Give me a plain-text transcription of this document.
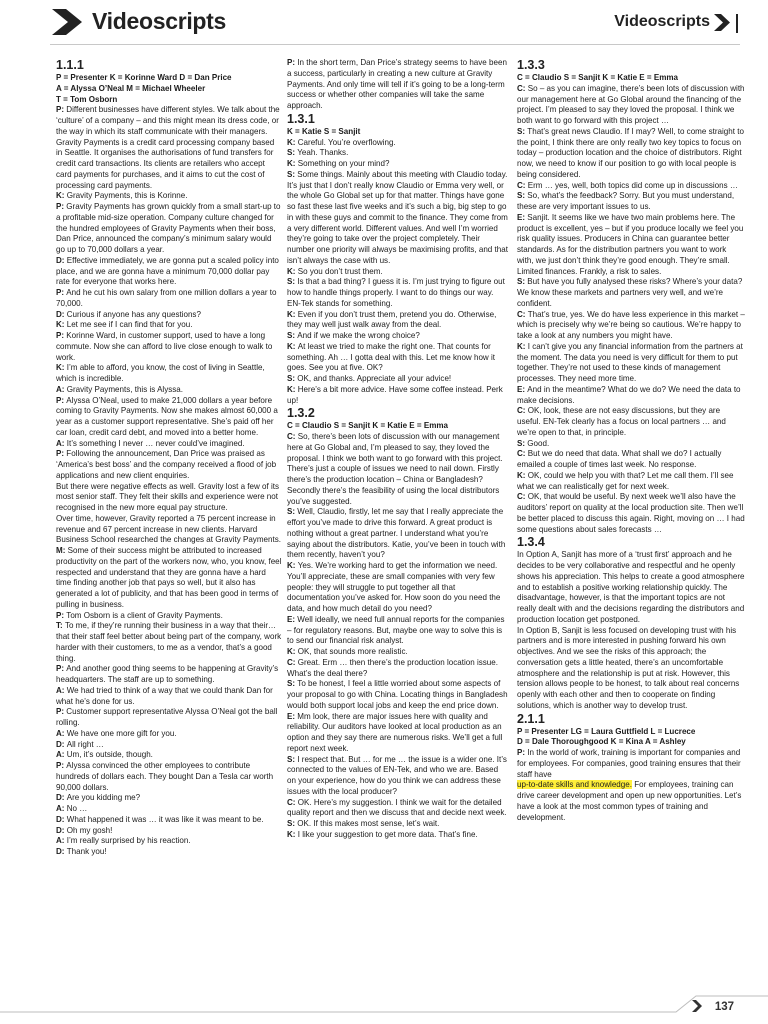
Videoscripts	Videoscripts
1.1.1

P = Presenter K = Korinne Ward D = Dan Price

A = Alyssa O’Neal M = Michael Wheeler

T = Tom Osborn

P: Different businesses have different styles. We talk about the ‘culture’ of a company – and this might mean its dress code, or the way in which its staff communicate with their managers.

Gravity Payments is a credit card processing company based in Seattle. It organises the authorisations of fund transfers for credit card transactions. Its clients are retailers who accept card payments for purchases, and it aims to cut the cost of processing card payments.

K: Gravity Payments, this is Korinne.

P: Gravity Payments has grown quickly from a small start-up to a profitable mid-size operation. Company culture changed for the hundred employees of Gravity Payments when their boss, Dan Price, announced the company’s minimum salary would go up to 70,000 dollars a year.

D: Effective immediately, we are gonna put a scaled policy into place, and we are gonna have a minimum 70,000 dollar pay rate for everyone that works here.

P: And he cut his own salary from one million dollars a year to 70,000.

D: Curious if anyone has any questions?

K: Let me see if I can find that for you.

P: Korinne Ward, in customer support, used to have a long commute. Now she can afford to live close enough to walk to work.

K: I’m able to afford, you know, the cost of living in Seattle, which is incredible.

A: Gravity Payments, this is Alyssa.

P: Alyssa O’Neal, used to make 21,000 dollars a year before coming to Gravity Payments. Now she makes almost 60,000 a year as a customer support representative. She’s paid off her car loan, credit card debt, and moved into a better home.

A: It’s something I never … never could’ve imagined.

P: Following the announcement, Dan Price was praised as ‘America’s best boss’ and the company received a flood of job applications and new client enquiries.

But there were negative effects as well. Gravity lost a few of its most senior staff. They felt their skills and experience were not recognised in the new more equal pay structure.

Over time, however, Gravity reported a 75 percent increase in revenue and 67 percent increase in new clients. Harvard Business School researched the changes at Gravity Payments.

M: Some of their success might be attributed to increased productivity on the part of the workers now, who, you know, feel respected and understand that they are gonna have a hard time finding another job that pays so well, but it also has generated a lot of publicity, and that has been good in terms of pulling in business.

P: Tom Osborn is a client of Gravity Payments.

T: To me, if they’re running their business in a way that their…that their staff feel better about being part of the company, work harder with their customers, to me as a vendor, that’s a good thing.

P: And another good thing seems to be happening at Gravity’s headquarters. The staff are up to something.

A: We had tried to think of a way that we could thank Dan for what he’s done for us.

P: Customer support representative Alyssa O’Neal got the ball rolling.

A: We have one more gift for you.

D: All right …

A: Um, it’s outside, though.

P: Alyssa convinced the other employees to contribute hundreds of dollars each. They bought Dan a Tesla car worth 90,000 dollars.

D: Are you kidding me?

A: No …

D: What happened it was … it was like it was meant to be.

D: Oh my gosh!

A: I’m really surprised by his reaction.

D: Thank you!

P: In the short term, Dan Price’s strategy seems to have been a success, particularly in creating a new culture at Gravity Payments. And only time will tell if it’s going to be a long-term success or whether other companies will take the same approach.

1.3.1

K = Katie S = Sanjit

K: Careful. You’re overflowing.

S: Yeah. Thanks.

K: Something on your mind?

S: Some things. Mainly about this meeting with Claudio today. It’s just that I don’t really know Claudio or Emma very well, or the whole Go Global set up for that matter. Things have gone so fast these last five weeks and it’s such a big, big step to go in with these guys and commit to the finance. They come from a very different world. Different values. And well I’m worried they’re going to take over the project completely. Their number one priority will always be maximising profits, and that isn’t always the case with us.

K: So you don’t trust them.

S: Is that a bad thing? I guess it is. I’m just trying to figure out how to handle things properly. I want to do things our way. EN-Tek stands for something.

K: Even if you don’t trust them, pretend you do. Otherwise, they may well just walk away from the deal.

S: And if we make the wrong choice?

K: At least we tried to make the right one. That counts for something. Ah … I gotta deal with this. Let me know how it goes. See you at five. OK?

S: OK, and thanks. Appreciate all your advice!

K: Here’s a bit more advice. Have some coffee instead. Perk up!

1.3.2

C = Claudio S = Sanjit K = Katie E = Emma

C: So, there’s been lots of discussion with our management here at Go Global and, I’m pleased to say, they loved the proposal. I think we both want to go forward with this project. There’s just a couple of issues we need to nail down. Firstly there’s the production location – China or Bangladesh? Secondly there’s the feasibility of using the local distributors you’ve suggested.

S: Well, Claudio, firstly, let me say that I really appreciate the effort you’ve made to drive this forward. A great product is nothing without a great partner. I understand what you’re saying about the distributors. Katie, you’ve been in touch with them recently, haven’t you?

K: Yes. We’re working hard to get the information we need. You’ll appreciate, these are small companies with very few people: they will struggle to put together all that documentation you’ve asked for. How soon do you need the data, and how much detail do you need?

E: Well ideally, we need full annual reports for the companies – for regulatory reasons. But, maybe one way to solve this is to send our financial risk analyst.

K: OK, that sounds more realistic.

C: Great. Erm … then there’s the production location issue. What’s the deal there?

S: To be honest, I feel a little worried about some aspects of your proposal to go with China. Locating things in Bangladesh would both support local jobs and keep the end price down.

E: Mm look, there are major issues here with quality and reliability. Our auditors have looked at local production as an option and they say there are numerous risks. We’ll get a full report next week.

S: I respect that. But … for me … the issue is a wider one. It’s connected to the values of EN-Tek, and who we are. Based on your experience, how do you think we can address these issues with the local producer?

C: OK. Here’s my suggestion. I think we wait for the detailed quality report and then we discuss that and decide next week.

S: OK. If this makes most sense, let’s wait.

K: I like your suggestion to get more data. That’s fine.

1.3.3

C = Claudio S = Sanjit K = Katie E = Emma

C: So – as you can imagine, there’s been lots of discussion with our management here at Go Global around the financing of the project. I’m pleased to say they loved the proposal. I think we both want to go forward with this project …

S: That’s great news Claudio. If I may? Well, to come straight to the point, I think there are only really two key topics to focus on today – production location and the choice of distributors. Right now, we need to know if our position to go with local people is being considered.

C: Erm … yes, well, both topics did come up in discussions …

S: So, what’s the feedback? Sorry. But you must understand, these are very important issues to us.

E: Sanjit. It seems like we have two main problems here. The product is excellent, yes – but if you produce locally we feel you risk quality issues. Producers in China can guarantee better standards. As for the distribution partners you want to work with, we just don’t think they’re good enough. They’re small. Limited finances. Frankly, a risk to sales.

S: But have you fully analysed these risks? Where’s your data? We know these markets and partners very well, and we’re confident.

C: That’s true, yes. We do have less experience in this market – which is precisely why we’re being so cautious. We’re happy to take a look at any numbers you might have.

K: I can’t give you any financial information from the partners at the moment. The data you need is very difficult for them to put together. They’re not used to these kinds of management processes. They need more time.

E: And in the meantime? What do we do? We need the data to make decisions.

C: OK, look, these are not easy discussions, but they are useful. EN-Tek clearly has a focus on local partners … and we’re open to that, in principle.

S: Good.

C: But we do need that data. What shall we do? I actually emailed a couple of times last week. No response.

K: OK, could we help you with that? Let me call them. I’ll see what we can realistically get for next week.

C: OK, that would be useful. By next week we’ll also have the auditors’ report on quality at the local production site. Then we’ll be better placed to discuss this again. Right, moving on … I had some questions about sales forecasts …

1.3.4

In Option A, Sanjit has more of a ‘trust first’ approach and he decides to be very collaborative and respectful and he openly shows his appreciation. This helps to create a good atmosphere and to establish a positive working relationship quickly. The disadvantage, however, is that the important topics are not really dealt with and the decisions regarding the distributors and production location get postponed.

In Option B, Sanjit is less focused on developing trust with his partners and is more interested in pushing forward his own objectives. And we see the risks of this approach; the conversation gets a little heated, there’s an uncomfortable atmosphere and the relationship is put at risk. However, this tension allows people to be honest, to talk about real concerns openly with each other and then to cooperate on finding solutions, which is another way to develop trust.

2.1.1

P = Presenter LG = Laura Guttfield L = Lucrece

D = Dale Thoroughgood K = Kina A = Ashley

P: In the world of work, training is important for companies and for employees. For companies, good training ensures that their staff have

up-to-date skills and knowledge. For employees, training can drive career development and open up new opportunities. Let’s have a look at the most common types of training and development.

137
